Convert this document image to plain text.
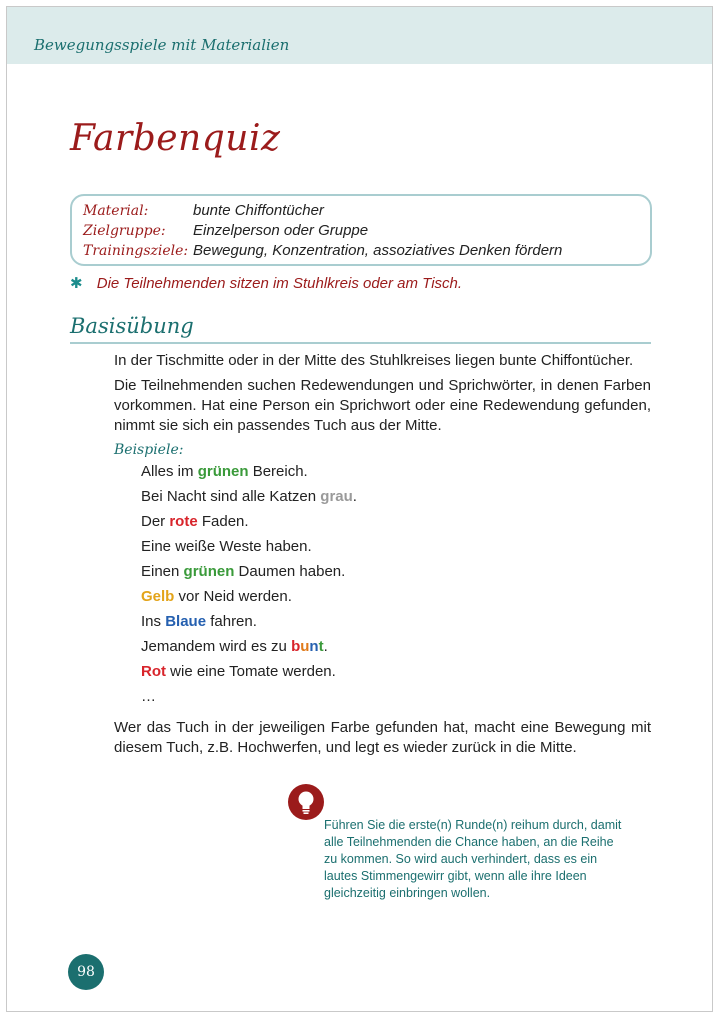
Bewegungsspiele mit Materialien
Farbenquiz
Material:	bunte Chiffontücher
Zielgruppe:	Einzelperson oder Gruppe
Trainingsziele: Bewegung, Konzentration, assoziatives Denken fördern
✱ Die Teilnehmenden sitzen im Stuhlkreis oder am Tisch.
Basisübung
In der Tischmitte oder in der Mitte des Stuhlkreises liegen bunte Chiffontücher.
Die Teilnehmenden suchen Redewendungen und Sprichwörter, in denen Farben vorkommen. Hat eine Person ein Sprichwort oder eine Redewendung gefunden, nimmt sie sich ein passendes Tuch aus der Mitte.
Beispiele:
Alles im grünen Bereich.
Bei Nacht sind alle Katzen grau.
Der rote Faden.
Eine weiße Weste haben.
Einen grünen Daumen haben.
Gelb vor Neid werden.
Ins Blaue fahren.
Jemandem wird es zu bunt.
Rot wie eine Tomate werden.
…
Wer das Tuch in der jeweiligen Farbe gefunden hat, macht eine Bewegung mit diesem Tuch, z.B. Hochwerfen, und legt es wieder zurück in die Mitte.
Führen Sie die erste(n) Runde(n) reihum durch, damit alle Teilnehmenden die Chance haben, an die Reihe zu kommen. So wird auch verhindert, dass es ein lautes Stimmengewirr gibt, wenn alle ihre Ideen gleichzeitig einbringen wollen.
98
